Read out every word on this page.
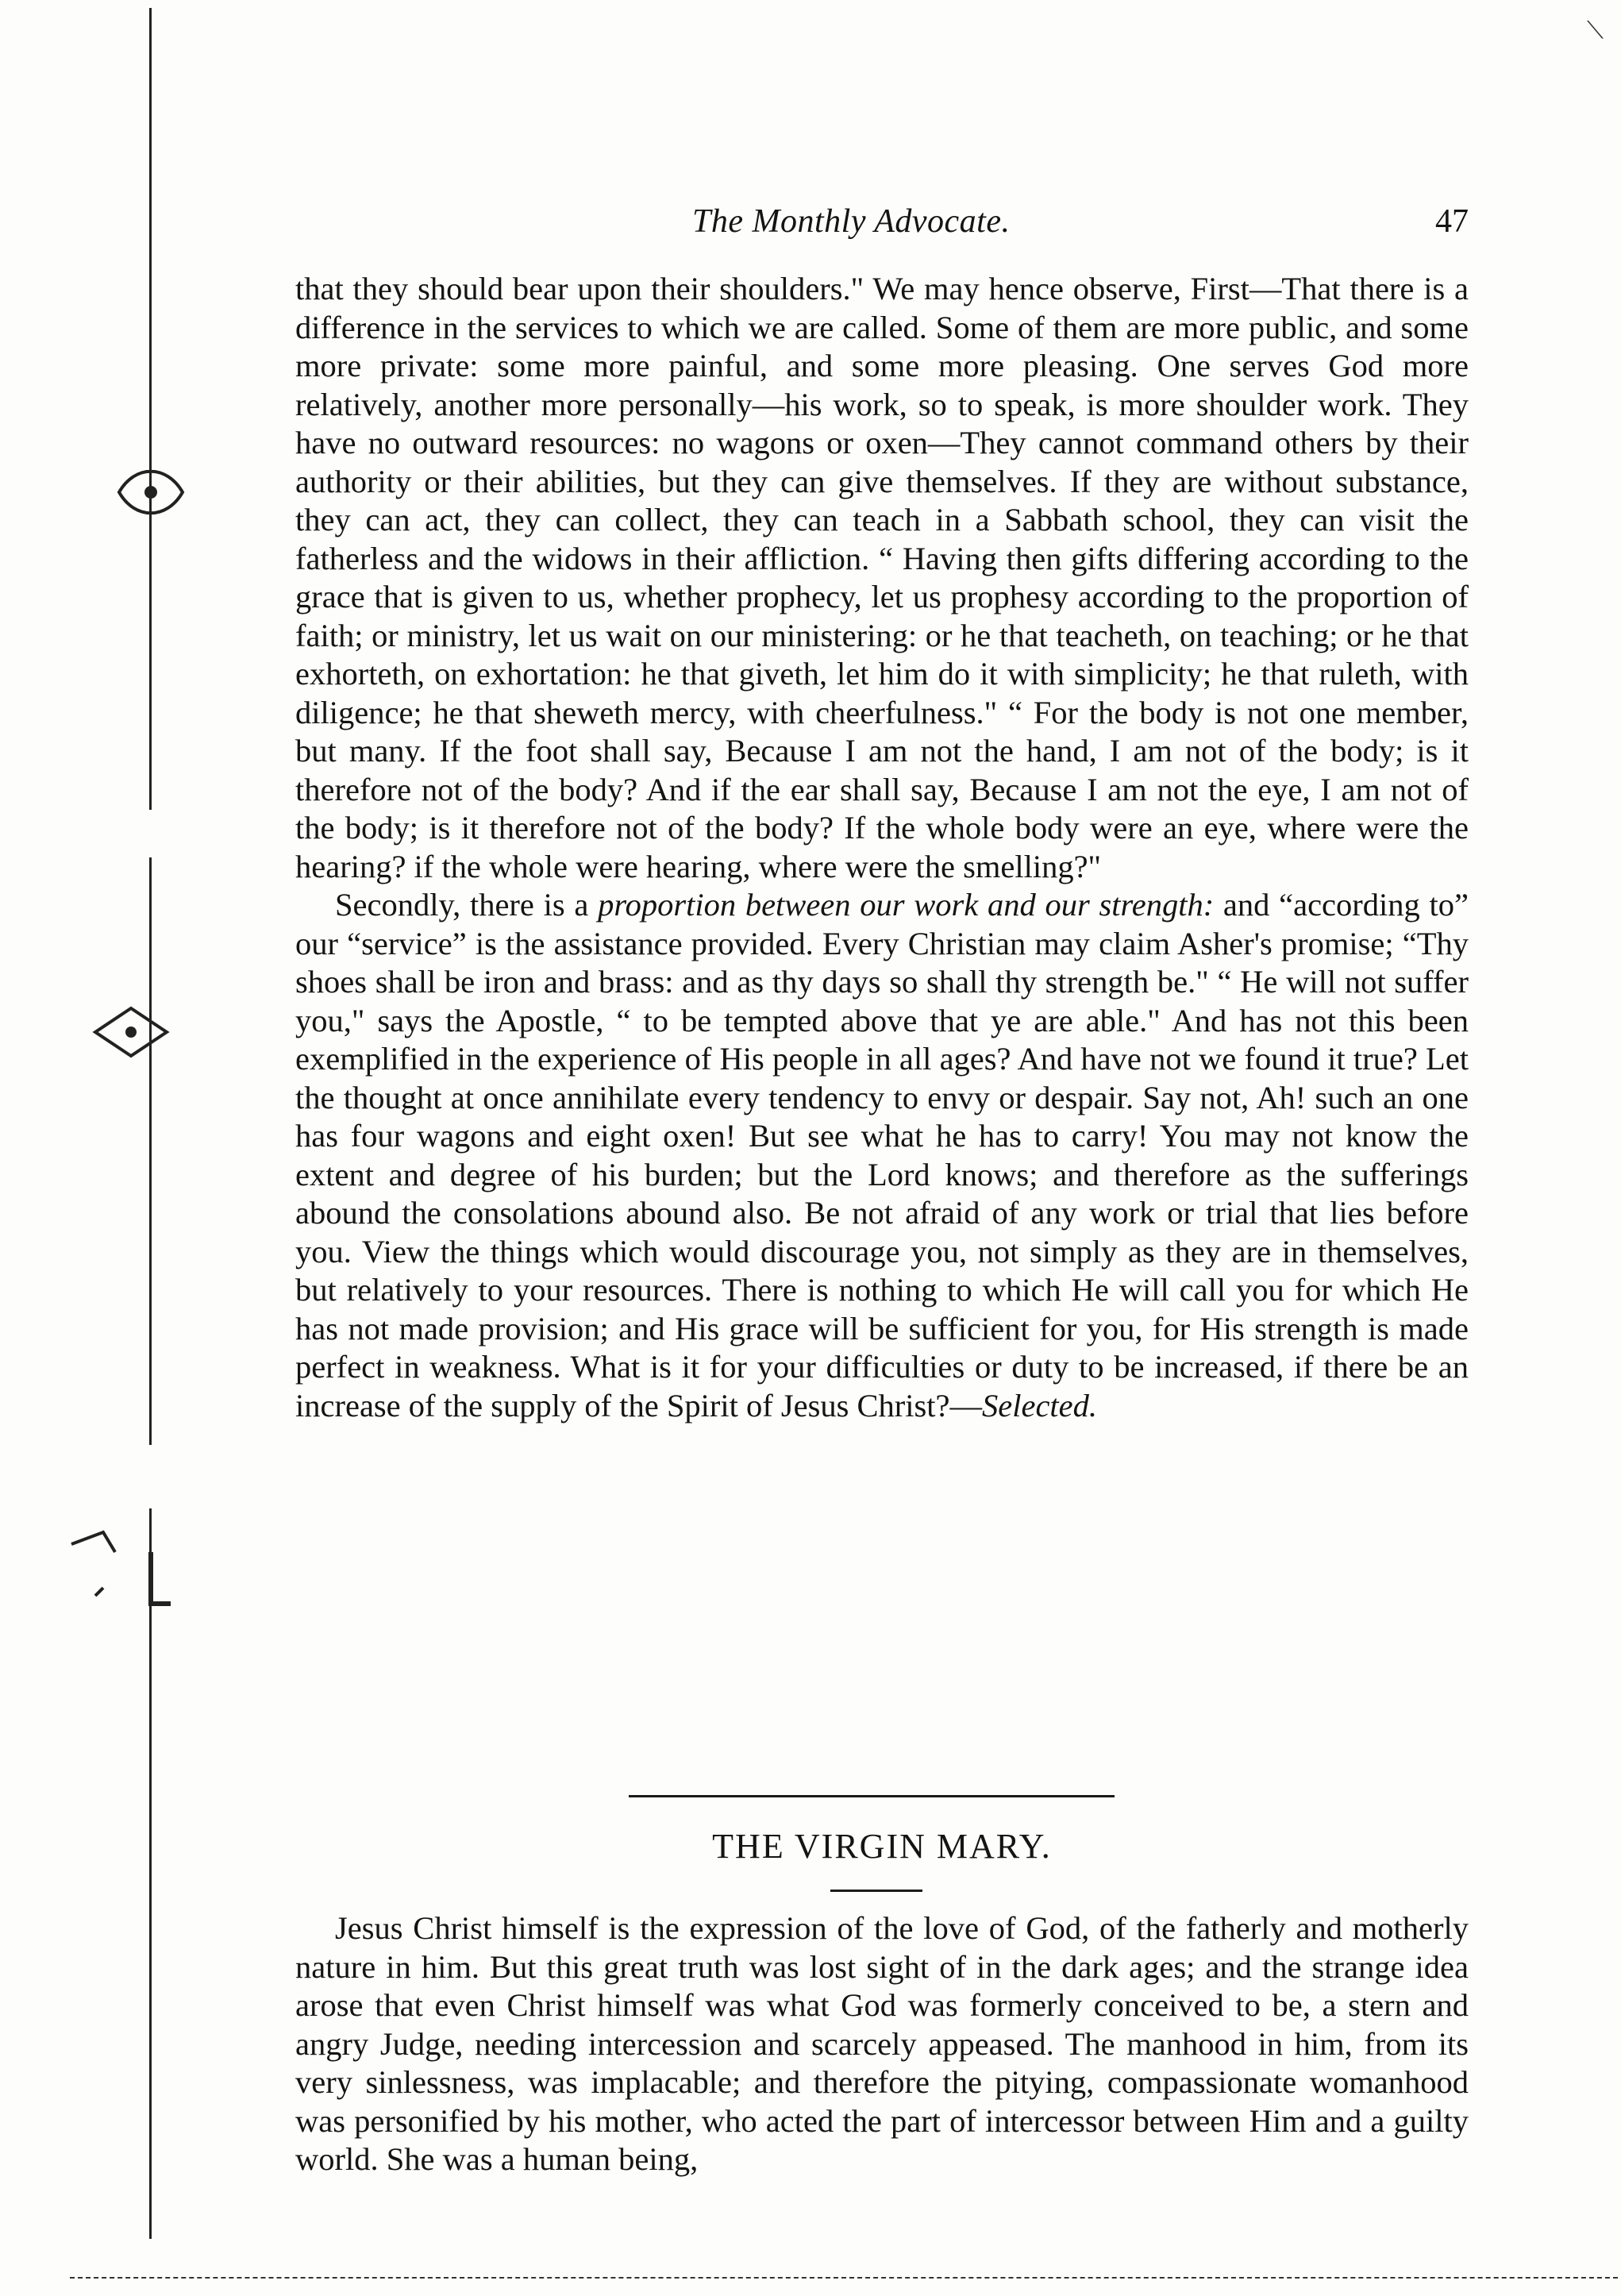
⟍
The Monthly Advocate.	47

that they should bear upon their shoulders." We may hence observe, First—That there is a difference in the services to which we are called. Some of them are more public, and some more private: some more painful, and some more pleasing. One serves God more relatively, another more personally—his work, so to speak, is more shoulder work. They have no outward resources: no wagons or oxen—They cannot command others by their authority or their abilities, but they can give themselves. If they are without substance, they can act, they can collect, they can teach in a Sabbath school, they can visit the fatherless and the widows in their affliction. “ Having then gifts differing according to the grace that is given to us, whether prophecy, let us prophesy according to the proportion of faith; or ministry, let us wait on our ministering: or he that teacheth, on teaching; or he that exhorteth, on exhortation: he that giveth, let him do it with simplicity; he that ruleth, with diligence; he that sheweth mercy, with cheerfulness." “ For the body is not one member, but many. If the foot shall say, Because I am not the hand, I am not of the body; is it therefore not of the body? And if the ear shall say, Because I am not the eye, I am not of the body; is it therefore not of the body? If the whole body were an eye, where were the hearing? if the whole were hearing, where were the smelling?"

Secondly, there is a proportion between our work and our strength: and “according to” our “service” is the assistance provided. Every Christian may claim Asher's promise; “Thy shoes shall be iron and brass: and as thy days so shall thy strength be." “ He will not suffer you," says the Apostle, “ to be tempted above that ye are able." And has not this been exemplified in the experience of His people in all ages? And have not we found it true? Let the thought at once annihilate every tendency to envy or despair. Say not, Ah! such an one has four wagons and eight oxen! But see what he has to carry! You may not know the extent and degree of his burden; but the Lord knows; and therefore as the sufferings abound the consolations abound also. Be not afraid of any work or trial that lies before you. View the things which would discourage you, not simply as they are in themselves, but relatively to your resources. There is nothing to which He will call you for which He has not made provision; and His grace will be sufficient for you, for His strength is made perfect in weakness. What is it for your difficulties or duty to be increased, if there be an increase of the supply of the Spirit of Jesus Christ?—Selected.

THE VIRGIN MARY.

Jesus Christ himself is the expression of the love of God, of the fatherly and motherly nature in him. But this great truth was lost sight of in the dark ages; and the strange idea arose that even Christ himself was what God was formerly conceived to be, a stern and angry Judge, needing intercession and scarcely appeased. The manhood in him, from its very sinlessness, was implacable; and therefore the pitying, compassionate womanhood was personified by his mother, who acted the part of intercessor between Him and a guilty world. She was a human being,
